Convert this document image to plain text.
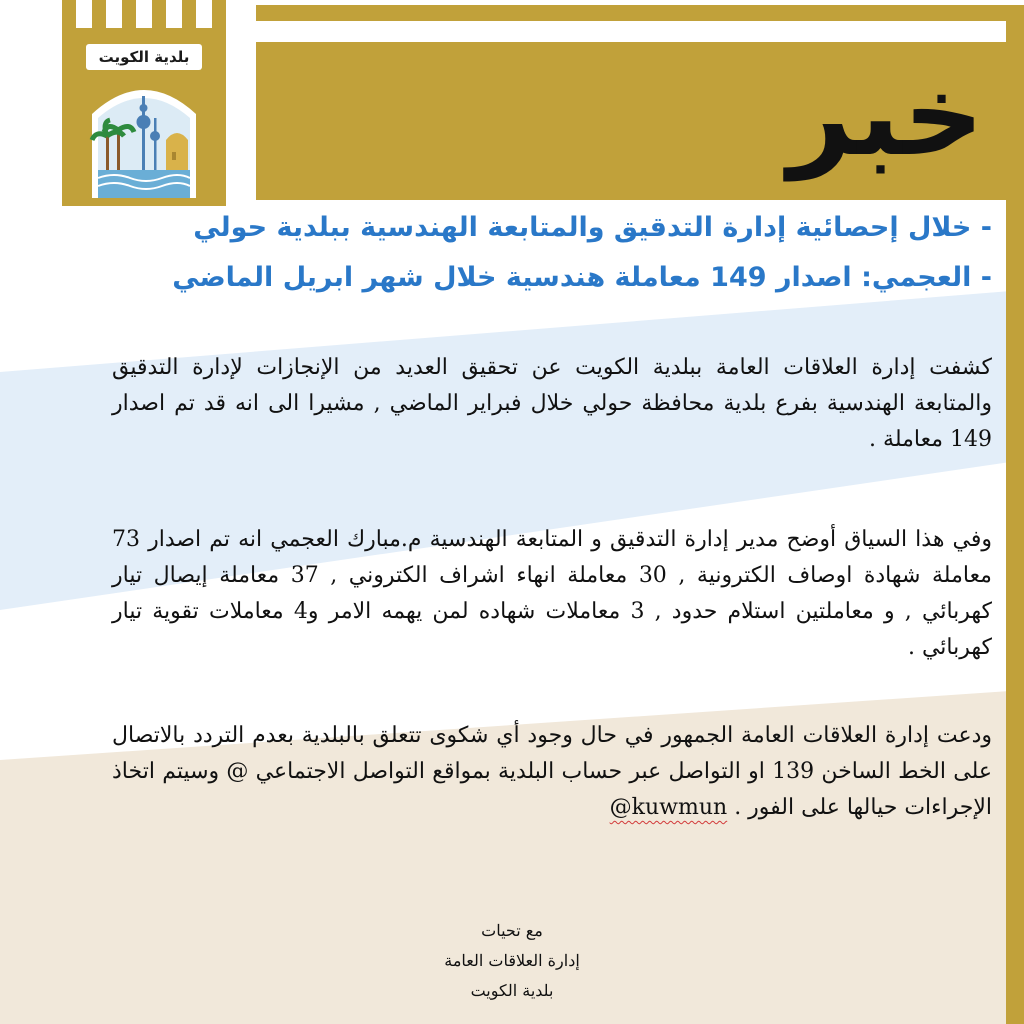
خبر
بلدية الكويت
- خلال إحصائية إدارة التدقيق والمتابعة الهندسية ببلدية حولي
- العجمي: اصدار 149 معاملة هندسية خلال شهر ابريل الماضي
كشفت إدارة العلاقات العامة ببلدية الكويت عن تحقيق العديد من الإنجازات لإدارة التدقيق والمتابعة الهندسية بفرع بلدية محافظة حولي خلال فبراير الماضي , مشيرا الى انه قد تم اصدار 149 معاملة .
وفي هذا السياق أوضح مدير إدارة التدقيق و المتابعة الهندسية م.مبارك العجمي انه تم اصدار 73 معاملة شهادة اوصاف الكترونية , 30 معاملة انهاء اشراف الكتروني , 37 معاملة إيصال تيار كهربائي , و معاملتين استلام حدود , 3 معاملات شهاده لمن يهمه الامر و4 معاملات تقوية تيار كهربائي .
ودعت إدارة العلاقات العامة الجمهور في حال وجود أي شكوى تتعلق بالبلدية بعدم التردد بالاتصال على الخط الساخن 139 او التواصل عبر حساب البلدية بمواقع التواصل الاجتماعي @ وسيتم اتخاذ الإجراءات حيالها على الفور . @kuwmun
مع تحيات
إدارة العلاقات العامة
بلدية الكويت
